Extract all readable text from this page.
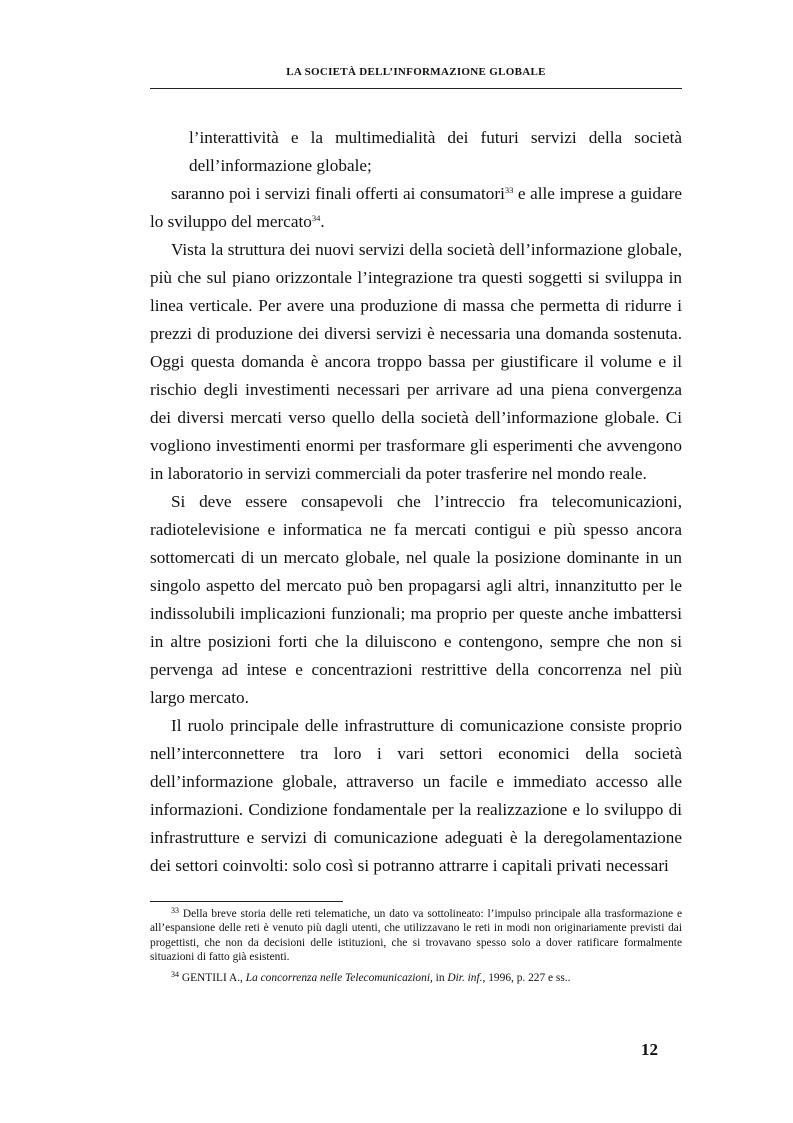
LA SOCIETÀ DELL’INFORMAZIONE GLOBALE

l’interattività e la multimedialità dei futuri servizi della società dell’informazione globale;

saranno poi i servizi finali offerti ai consumatori$^{33}$ e alle imprese a guidare lo sviluppo del mercato$^{34}$.

Vista la struttura dei nuovi servizi della società dell’informazione globale, più che sul piano orizzontale l’integrazione tra questi soggetti si sviluppa in linea verticale. Per avere una produzione di massa che permetta di ridurre i prezzi di produzione dei diversi servizi è necessaria una domanda sostenuta. Oggi questa domanda è ancora troppo bassa per giustificare il volume e il rischio degli investimenti necessari per arrivare ad una piena convergenza dei diversi mercati verso quello della società dell’informazione globale. Ci vogliono investimenti enormi per trasformare gli esperimenti che avvengono in laboratorio in servizi commerciali da poter trasferire nel mondo reale.

Si deve essere consapevoli che l’intreccio fra telecomunicazioni, radiotelevisione e informatica ne fa mercati contigui e più spesso ancora sottomercati di un mercato globale, nel quale la posizione dominante in un singolo aspetto del mercato può ben propagarsi agli altri, innanzitutto per le indissolubili implicazioni funzionali; ma proprio per queste anche imbattersi in altre posizioni forti che la diluiscono e contengono, sempre che non si pervenga ad intese e concentrazioni restrittive della concorrenza nel più largo mercato.

Il ruolo principale delle infrastrutture di comunicazione consiste proprio nell’interconnettere tra loro i vari settori economici della società dell’informazione globale, attraverso un facile e immediato accesso alle informazioni. Condizione fondamentale per la realizzazione e lo sviluppo di infrastrutture e servizi di comunicazione adeguati è la deregolamentazione dei settori coinvolti: solo così si potranno attrarre i capitali privati necessari

$^{33}$ Della breve storia delle reti telematiche, un dato va sottolineato: l’impulso principale alla trasformazione e all’espansione delle reti è venuto più dagli utenti, che utilizzavano le reti in modi non originariamente previsti dai progettisti, che non da decisioni delle istituzioni, che si trovavano spesso solo a dover ratificare formalmente situazioni di fatto già esistenti.

$^{34}$ GENTILI A., La concorrenza nelle Telecomunicazioni, in Dir. inf., 1996, p. 227 e ss..

12
